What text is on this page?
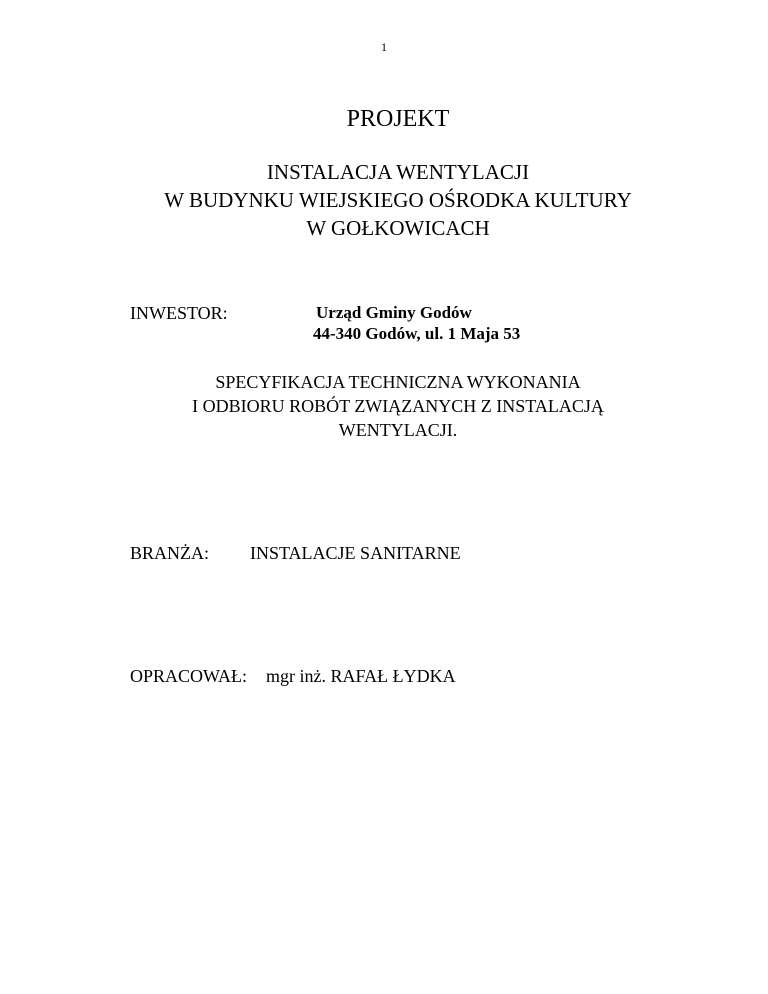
1
PROJEKT
INSTALACJA WENTYLACJI
W BUDYNKU WIEJSKIEGO OŚRODKA KULTURY
W GOŁKOWICACH
INWESTOR:	Urząd Gminy Godów
44-340 Godów, ul. 1 Maja 53
SPECYFIKACJA TECHNICZNA WYKONANIA
I ODBIORU ROBÓT ZWIĄZANYCH Z INSTALACJĄ
WENTYLACJI.
BRANŻA: INSTALACJE SANITARNE
OPRACOWAŁ: mgr inż. RAFAŁ ŁYDKA
